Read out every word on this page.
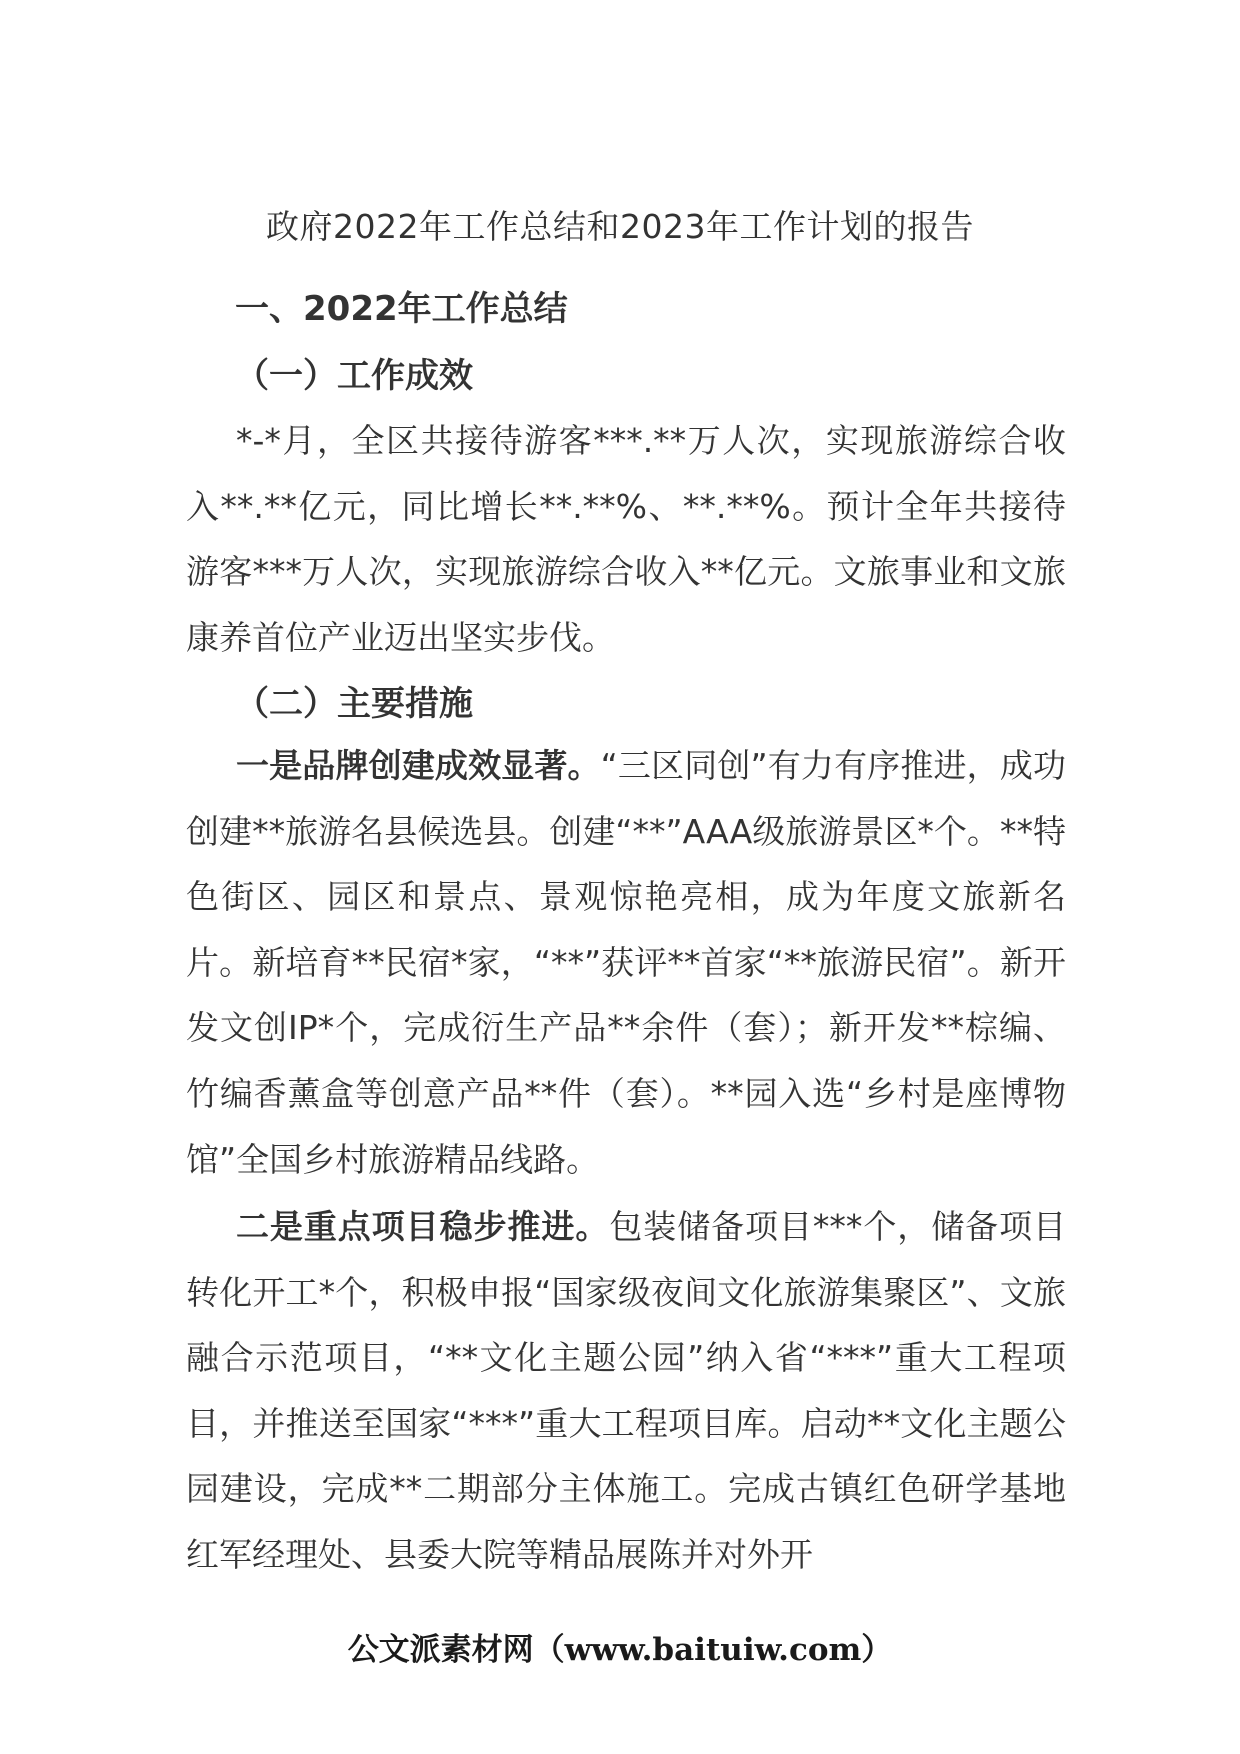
政府2022年工作总结和2023年工作计划的报告
一、2022年工作总结
（一）工作成效

*-*月，全区共接待游客***.**万人次，实现旅游综合收入**.**亿元，同比增长**.**%、**.**%。预计全年共接待游客***万人次，实现旅游综合收入**亿元。文旅事业和文旅康养首位产业迈出坚实步伐。

（二）主要措施

一是品牌创建成效显著。“三区同创”有力有序推进，成功创建**旅游名县候选县。创建“**”AAA级旅游景区*个。**特色街区、园区和景点、景观惊艳亮相，成为年度文旅新名片。新培育**民宿*家，“**”获评**首家“**旅游民宿”。新开发文创IP*个，完成衍生产品**余件（套）；新开发**棕编、竹编香薰盒等创意产品**件（套）。**园入选“乡村是座博物馆”全国乡村旅游精品线路。

二是重点项目稳步推进。包装储备项目***个，储备项目转化开工*个，积极申报“国家级夜间文化旅游集聚区”、文旅融合示范项目，“**文化主题公园”纳入省“***”重大工程项目，并推送至国家“***”重大工程项目库。启动**文化主题公园建设，完成**二期部分主体施工。完成古镇红色研学基地红军经理处、县委大院等精品展陈并对外开

公文派素材网（www.baituiw.com）
